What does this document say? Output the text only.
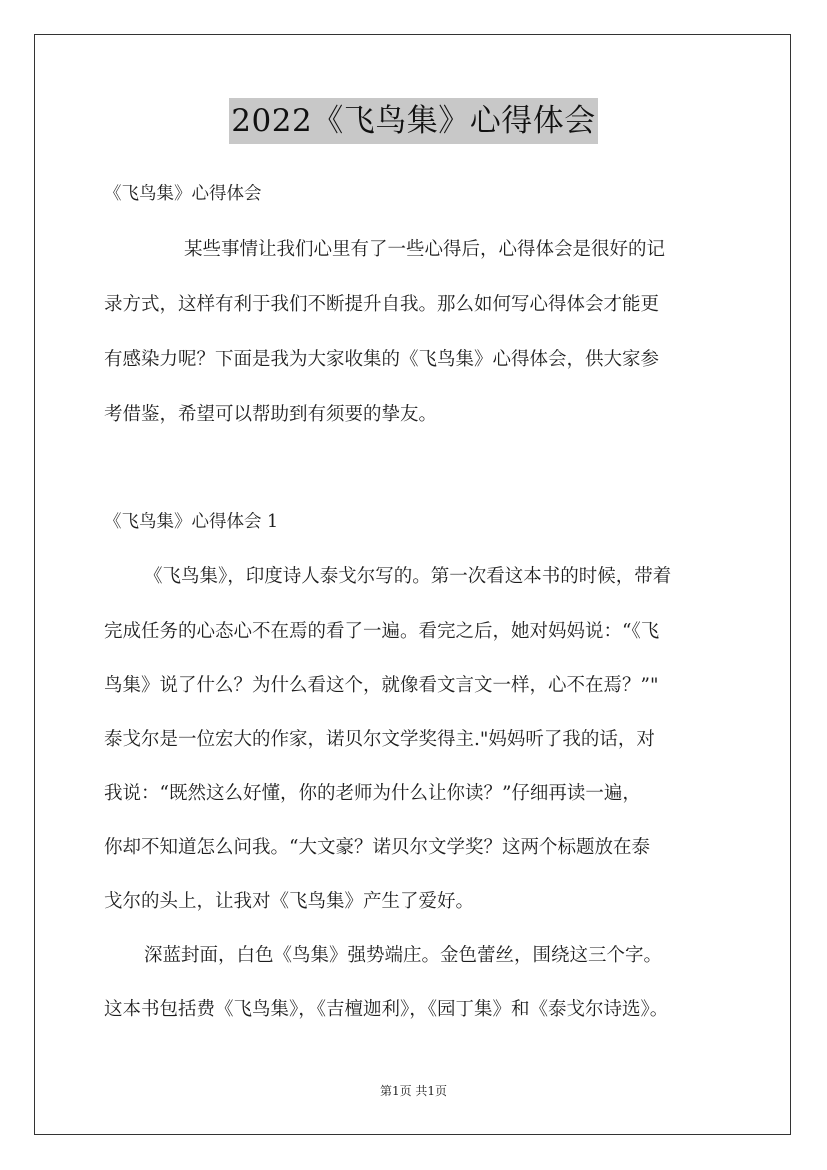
2022《飞鸟集》心得体会
《飞鸟集》心得体会
某些事情让我们心里有了一些心得后，心得体会是很好的记
录方式，这样有利于我们不断提升自我。那么如何写心得体会才能更
有感染力呢？下面是我为大家收集的《飞鸟集》心得体会，供大家参
考借鉴，希望可以帮助到有须要的挚友。
《飞鸟集》心得体会 1
《飞鸟集》，印度诗人泰戈尔写的。第一次看这本书的时候，带着
完成任务的心态心不在焉的看了一遍。看完之后，她对妈妈说：“《飞
鸟集》说了什么？为什么看这个，就像看文言文一样，心不在焉？”"
泰戈尔是一位宏大的作家，诺贝尔文学奖得主."妈妈听了我的话，对
我说：“既然这么好懂，你的老师为什么让你读？”仔细再读一遍，
你却不知道怎么问我。“大文豪？诺贝尔文学奖？这两个标题放在泰
戈尔的头上，让我对《飞鸟集》产生了爱好。
深蓝封面，白色《鸟集》强势端庄。金色蕾丝，围绕这三个字。
这本书包括费《飞鸟集》，《吉檀迦利》，《园丁集》和《泰戈尔诗选》。
第1页 共1页
